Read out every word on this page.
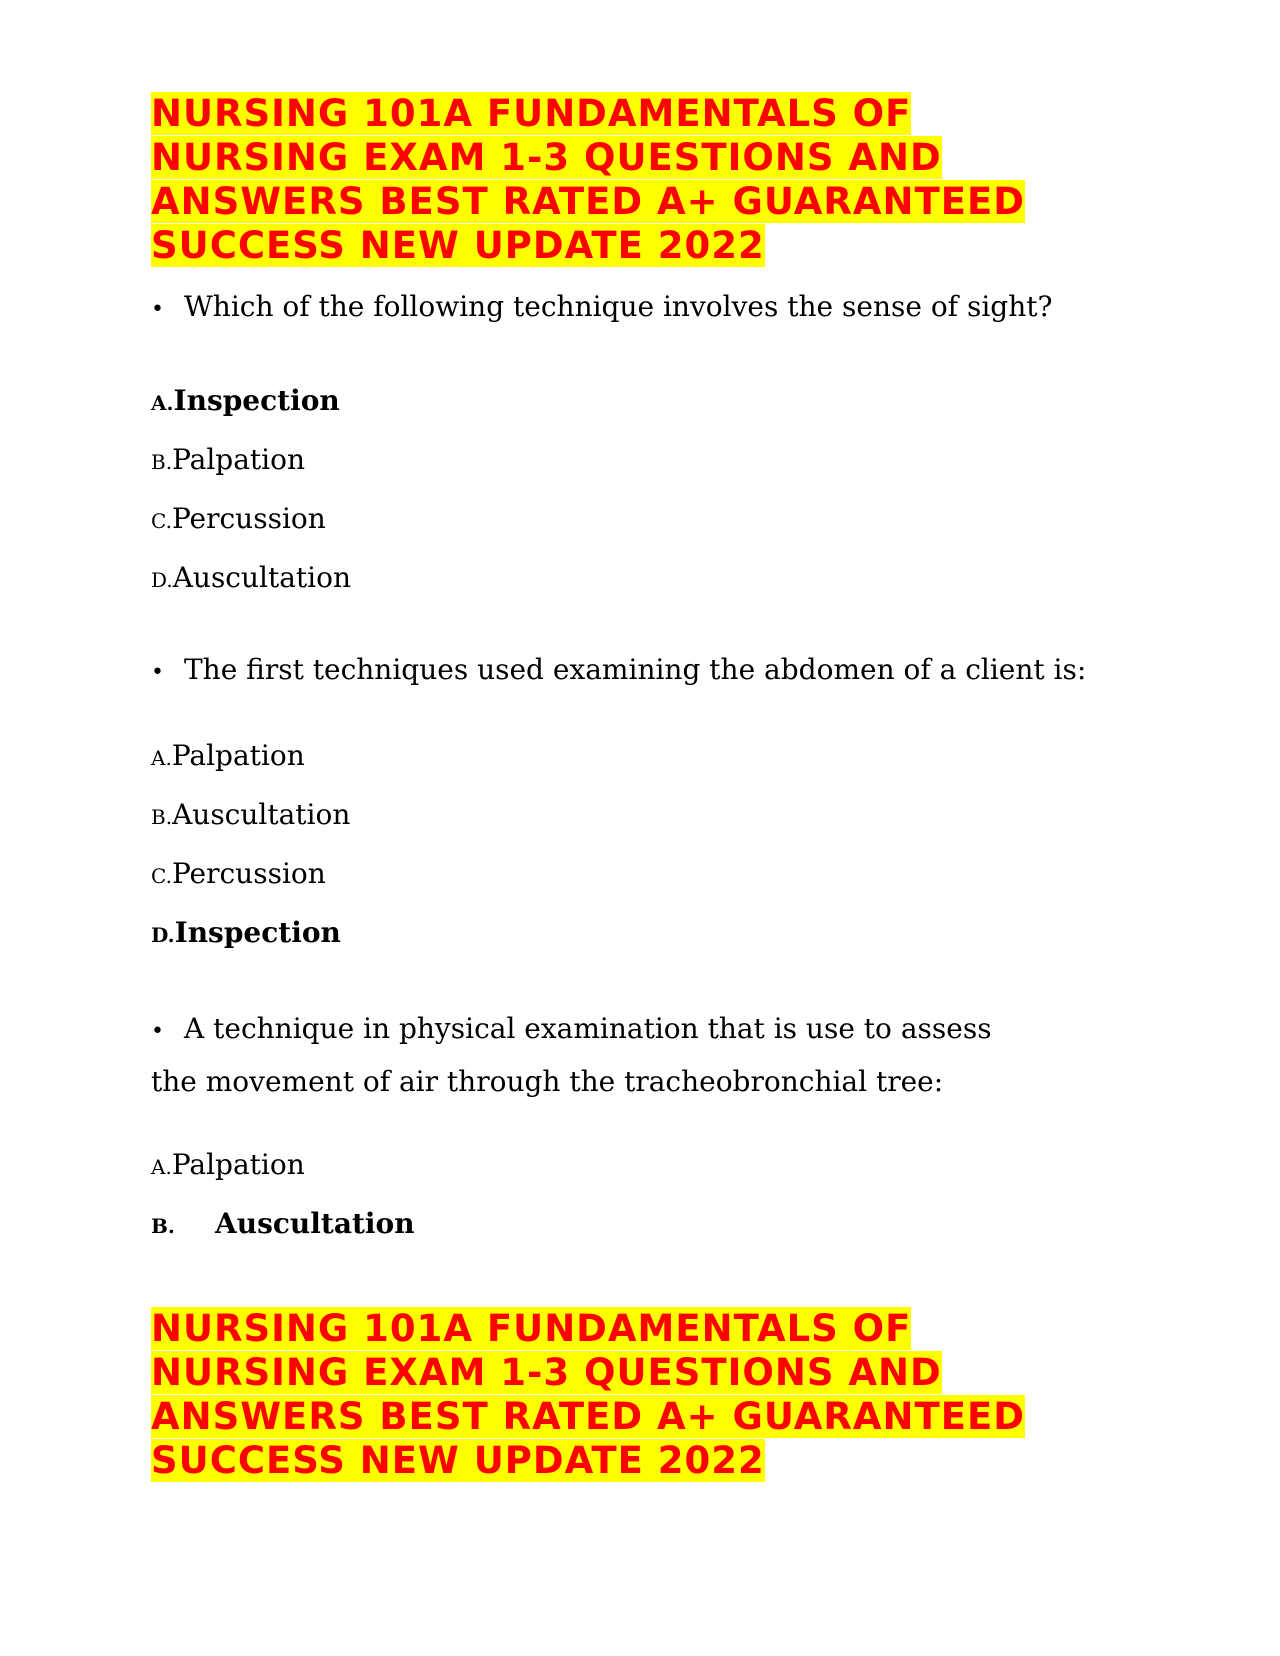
NURSING 101A FUNDAMENTALS OF NURSING EXAM 1-3 QUESTIONS AND ANSWERS BEST RATED A+ GUARANTEED SUCCESS NEW UPDATE 2022
• Which of the following technique involves the sense of sight?

A.Inspection

B.Palpation

C.Percussion

D.Auscultation

• The first techniques used examining the abdomen of a client is:

A.Palpation

B.Auscultation

C.Percussion

D.Inspection

• A technique in physical examination that is use to assess

the movement of air through the tracheobronchial tree:

A.Palpation

B. Auscultation

NURSING 101A FUNDAMENTALS OF NURSING EXAM 1-3 QUESTIONS AND ANSWERS BEST RATED A+ GUARANTEED SUCCESS NEW UPDATE 2022
